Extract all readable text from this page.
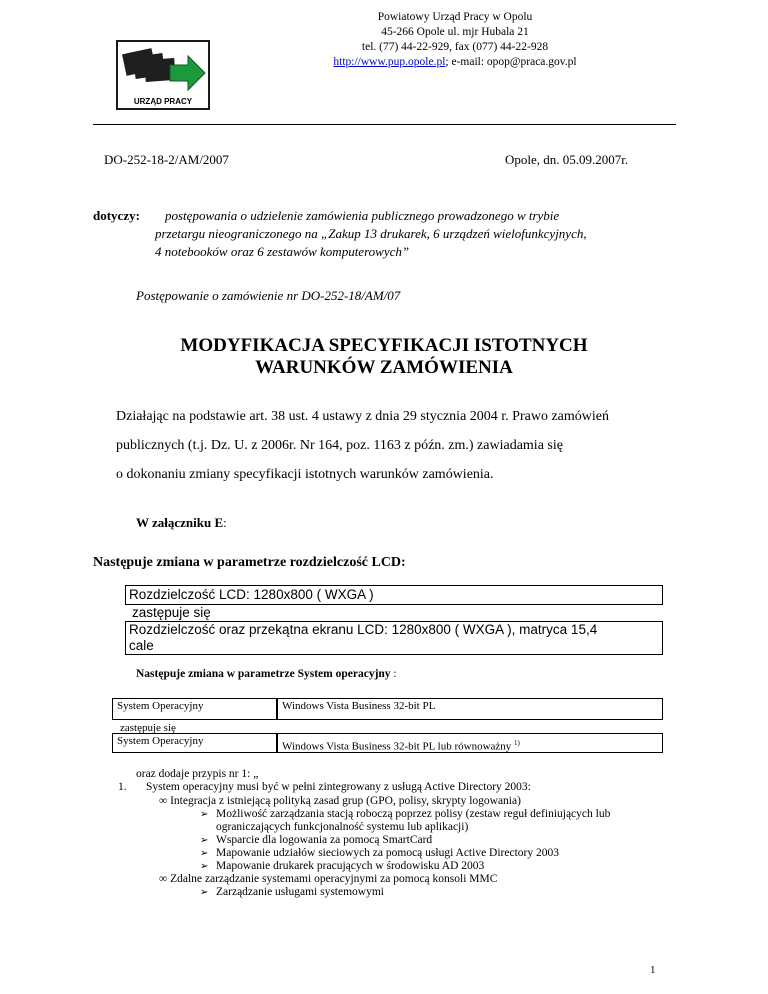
URZĄD PRACY
Powiatowy Urząd Pracy w Opolu
45-266 Opole ul. mjr Hubala 21
tel. (77) 44-22-929, fax (077) 44-22-928
http://www.pup.opole.pl; e-mail: opop@praca.gov.pl
DO-252-18-2/AM/2007	Opole, dn. 05.09.2007r.
dotyczy: postępowania o udzielenie zamówienia publicznego prowadzonego w trybie
przetargu nieograniczonego na „Zakup 13 drukarek, 6 urządzeń wielofunkcyjnych,
4 notebooków oraz 6 zestawów komputerowych”
Postępowanie o zamówienie nr DO-252-18/AM/07
MODYFIKACJA SPECYFIKACJI ISTOTNYCH
WARUNKÓW ZAMÓWIENIA
Działając na podstawie art. 38 ust. 4 ustawy z dnia 29 stycznia 2004 r. Prawo zamówień
publicznych (t.j. Dz. U. z 2006r. Nr 164, poz. 1163 z późn. zm.) zawiadamia się
o dokonaniu zmiany specyfikacji istotnych warunków zamówienia.
W załączniku E:
Następuje zmiana w parametrze rozdzielczość LCD:
Rozdzielczość LCD: 1280x800 ( WXGA )
zastępuje się
Rozdzielczość oraz przekątna ekranu LCD: 1280x800 ( WXGA ), matryca 15,4
cale
Następuje zmiana w parametrze System operacyjny :
System Operacyjny	Windows Vista Business 32-bit PL
zastępuje się
System Operacyjny	Windows Vista Business 32-bit PL lub równoważny $^{1)}$
oraz dodaje przypis nr 1: „
1. System operacyjny musi być w pełni zintegrowany z usługą Active Directory 2003:
∞ Integracja z istniejącą polityką zasad grup (GPO, polisy, skrypty logowania)
➢ Możliwość zarządzania stacją roboczą poprzez polisy (zestaw reguł definiujących lub
ograniczających funkcjonalność systemu lub aplikacji)
➢ Wsparcie dla logowania za pomocą SmartCard
➢ Mapowanie udziałów sieciowych za pomocą usługi Active Directory 2003
➢ Mapowanie drukarek pracujących w środowisku AD 2003
∞ Zdalne zarządzanie systemami operacyjnymi za pomocą konsoli MMC
➢ Zarządzanie usługami systemowymi
1
